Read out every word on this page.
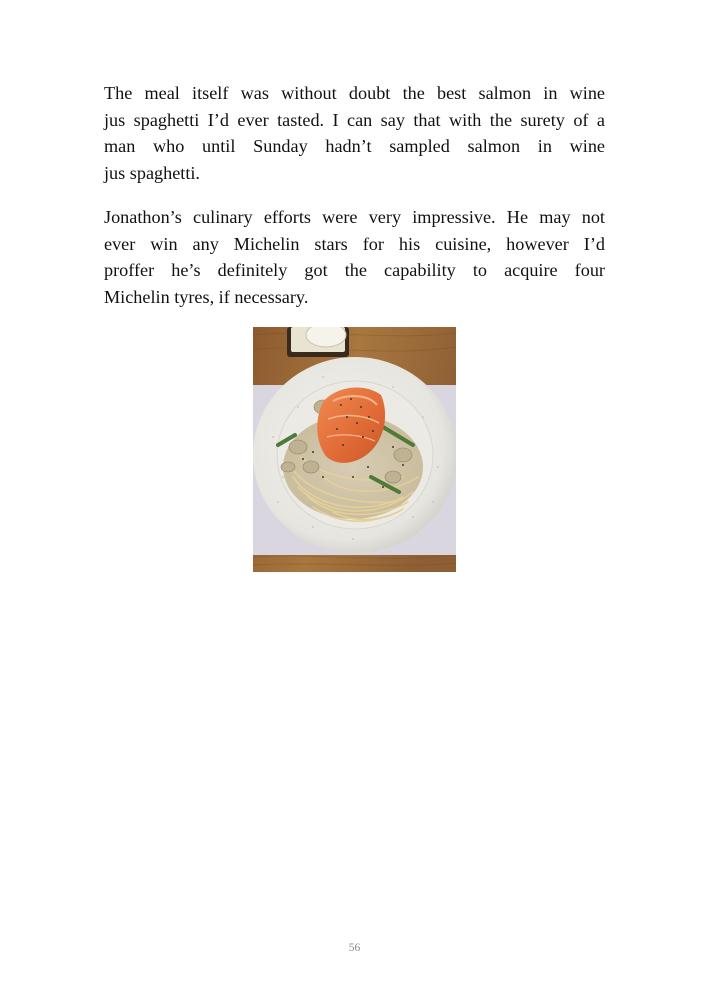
The meal itself was without doubt the best salmon in wine
jus spaghetti I’d ever tasted. I can say that with the surety of a
man who until Sunday hadn’t sampled salmon in wine
jus spaghetti.
Jonathon’s culinary efforts were very impressive. He may not
ever win any Michelin stars for his cuisine, however I’d
proffer he’s definitely got the capability to acquire four
Michelin tyres, if necessary.
56
